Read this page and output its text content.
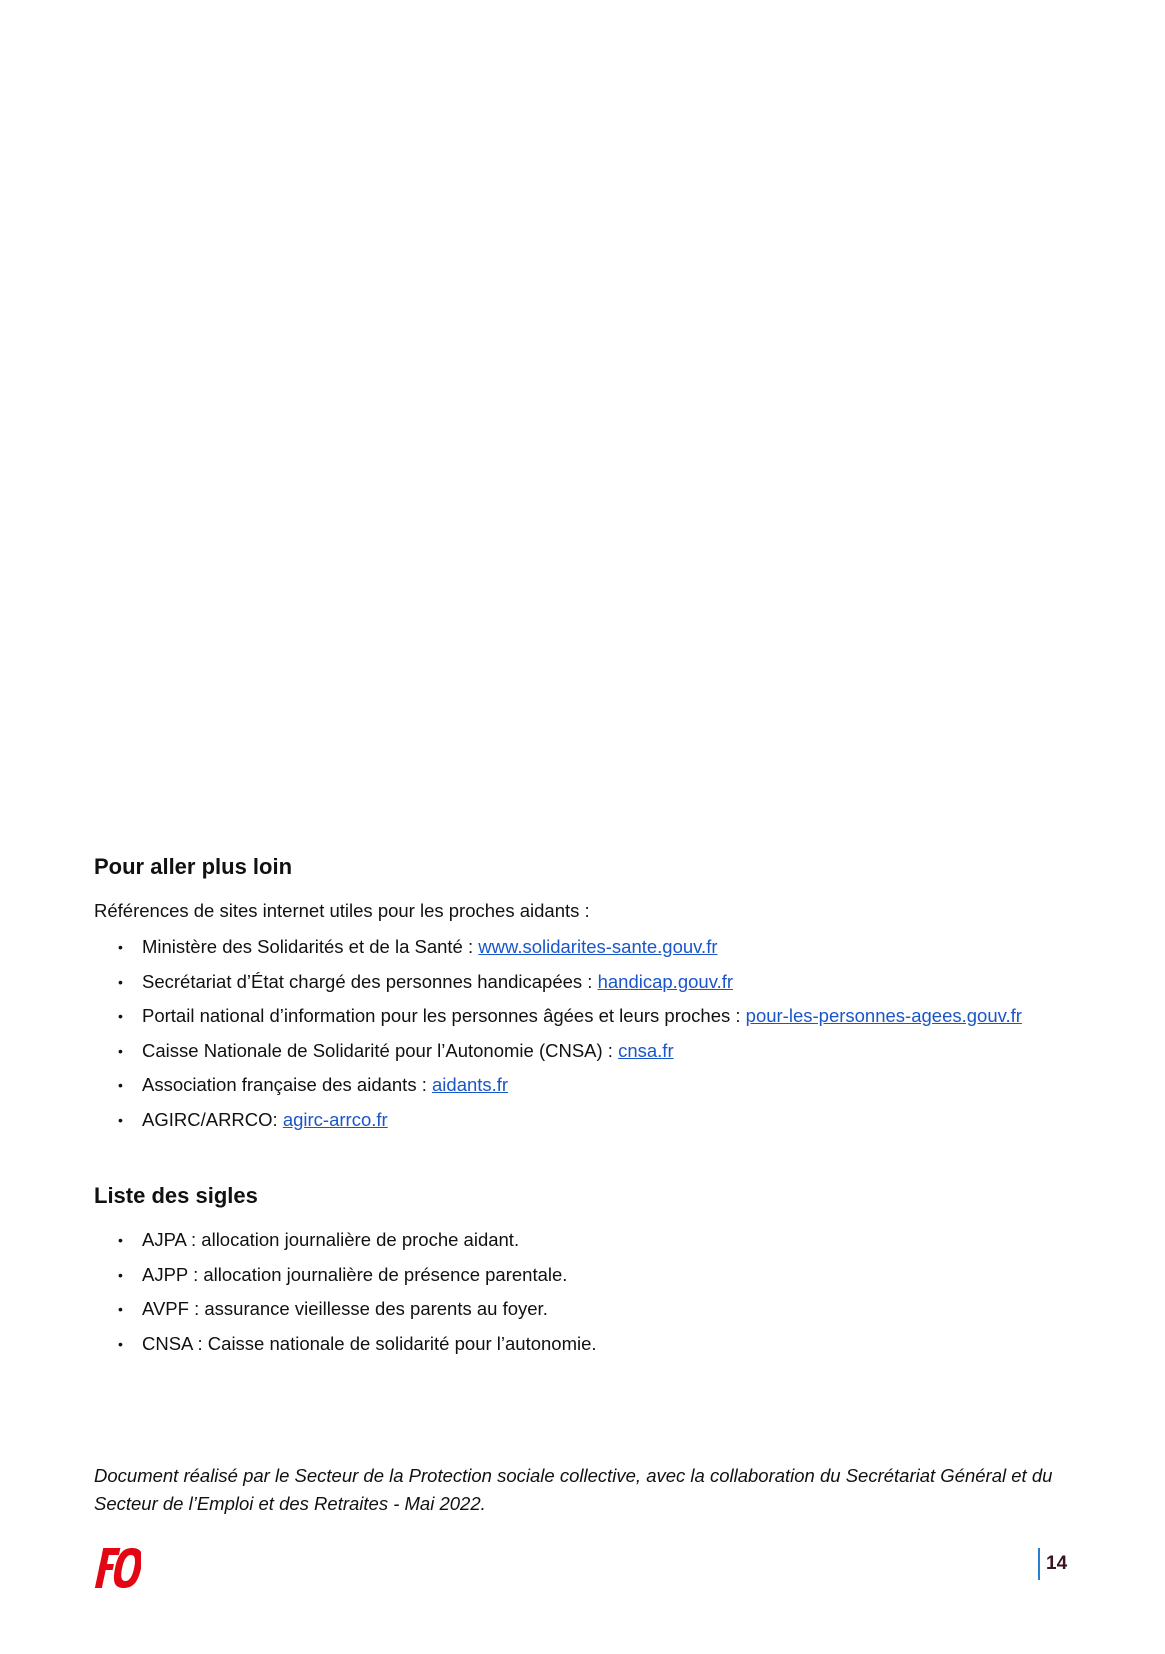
Pour aller plus loin

Références de sites internet utiles pour les proches aidants :

• Ministère des Solidarités et de la Santé : www.solidarites-sante.gouv.fr
• Secrétariat d’État chargé des personnes handicapées : handicap.gouv.fr
• Portail national d’information pour les personnes âgées et leurs proches : pour-les-personnes-agees.gouv.fr
• Caisse Nationale de Solidarité pour l’Autonomie (CNSA) : cnsa.fr
• Association française des aidants : aidants.fr
• AGIRC/ARRCO: agirc-arrco.fr
Liste des sigles
• AJPA : allocation journalière de proche aidant.
• AJPP : allocation journalière de présence parentale.
• AVPF : assurance vieillesse des parents au foyer.
• CNSA : Caisse nationale de solidarité pour l’autonomie.

Document réalisé par le Secteur de la Protection sociale collective, avec la collaboration du Secrétariat Général et du Secteur de l’Emploi et des Retraites - Mai 2022.

14
